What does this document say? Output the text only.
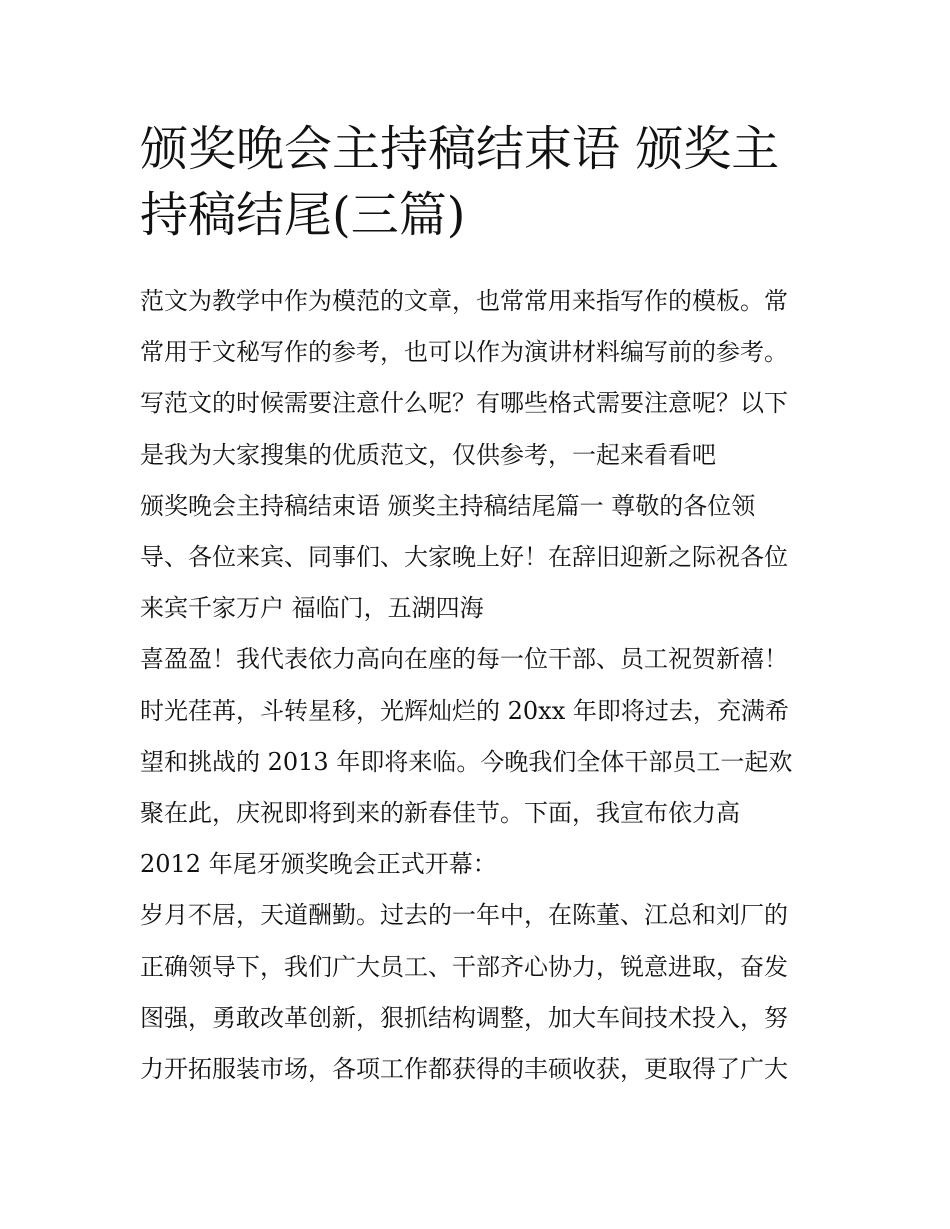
颁奖晚会主持稿结束语 颁奖主
持稿结尾(三篇)
范文为教学中作为模范的文章，也常常用来指写作的模板。常
常用于文秘写作的参考，也可以作为演讲材料编写前的参考。
写范文的时候需要注意什么呢？有哪些格式需要注意呢？以下
是我为大家搜集的优质范文，仅供参考，一起来看看吧
颁奖晚会主持稿结束语 颁奖主持稿结尾篇一 尊敬的各位领
导、各位来宾、同事们、大家晚上好！在辞旧迎新之际祝各位
来宾千家万户 福临门，五湖四海
喜盈盈！我代表依力高向在座的每一位干部、员工祝贺新禧！
时光荏苒，斗转星移，光辉灿烂的 20xx 年即将过去，充满希
望和挑战的 2013 年即将来临。今晚我们全体干部员工一起欢
聚在此，庆祝即将到来的新春佳节。下面，我宣布依力高
2012 年尾牙颁奖晚会正式开幕：
岁月不居，天道酬勤。过去的一年中，在陈董、江总和刘厂的
正确领导下，我们广大员工、干部齐心协力，锐意进取，奋发
图强，勇敢改革创新，狠抓结构调整，加大车间技术投入，努
力开拓服装市场，各项工作都获得的丰硕收获，更取得了广大
